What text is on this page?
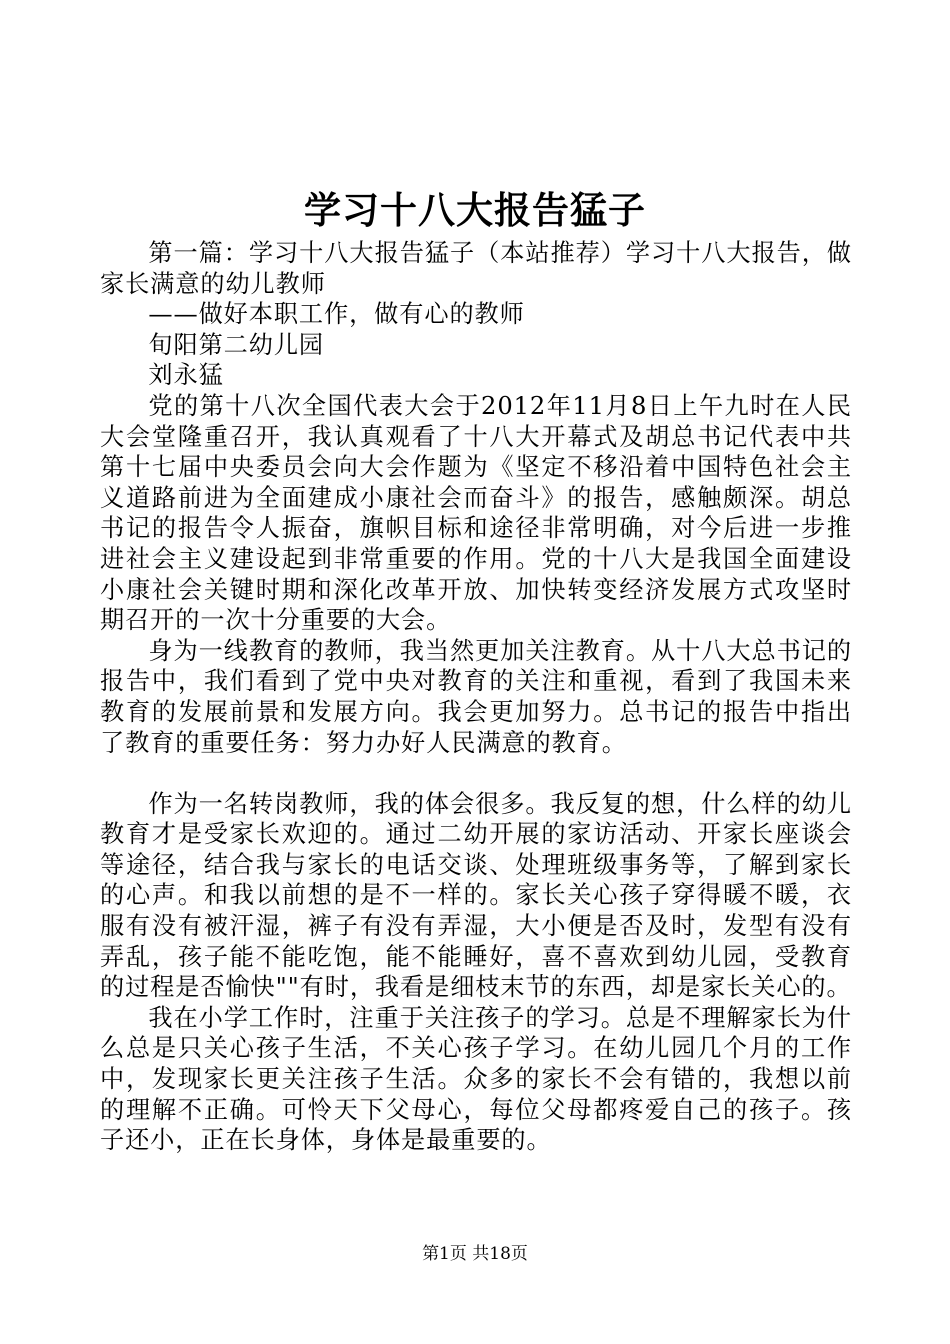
学习十八大报告猛子

第一篇：学习十八大报告猛子（本站推荐）学习十八大报告，做家长满意的幼儿教师

——做好本职工作，做有心的教师

旬阳第二幼儿园

刘永猛

党的第十八次全国代表大会于2012年11月8日上午九时在人民大会堂隆重召开，我认真观看了十八大开幕式及胡总书记代表中共第十七届中央委员会向大会作题为《坚定不移沿着中国特色社会主义道路前进为全面建成小康社会而奋斗》的报告，感触颇深。胡总书记的报告令人振奋，旗帜目标和途径非常明确，对今后进一步推进社会主义建设起到非常重要的作用。党的十八大是我国全面建设小康社会关键时期和深化改革开放、加快转变经济发展方式攻坚时期召开的一次十分重要的大会。

身为一线教育的教师，我当然更加关注教育。从十八大总书记的报告中，我们看到了党中央对教育的关注和重视，看到了我国未来教育的发展前景和发展方向。我会更加努力。总书记的报告中指出了教育的重要任务：努力办好人民满意的教育。

作为一名转岗教师，我的体会很多。我反复的想，什么样的幼儿教育才是受家长欢迎的。通过二幼开展的家访活动、开家长座谈会等途径，结合我与家长的电话交谈、处理班级事务等，了解到家长的心声。和我以前想的是不一样的。家长关心孩子穿得暖不暖，衣服有没有被汗湿，裤子有没有弄湿，大小便是否及时，发型有没有弄乱，孩子能不能吃饱，能不能睡好，喜不喜欢到幼儿园，受教育的过程是否愉快""有时，我看是细枝末节的东西，却是家长关心的。

我在小学工作时，注重于关注孩子的学习。总是不理解家长为什么总是只关心孩子生活，不关心孩子学习。在幼儿园几个月的工作中，发现家长更关注孩子生活。众多的家长不会有错的，我想以前的理解不正确。可怜天下父母心，每位父母都疼爱自己的孩子。孩子还小，正在长身体，身体是最重要的。

第1页 共18页
